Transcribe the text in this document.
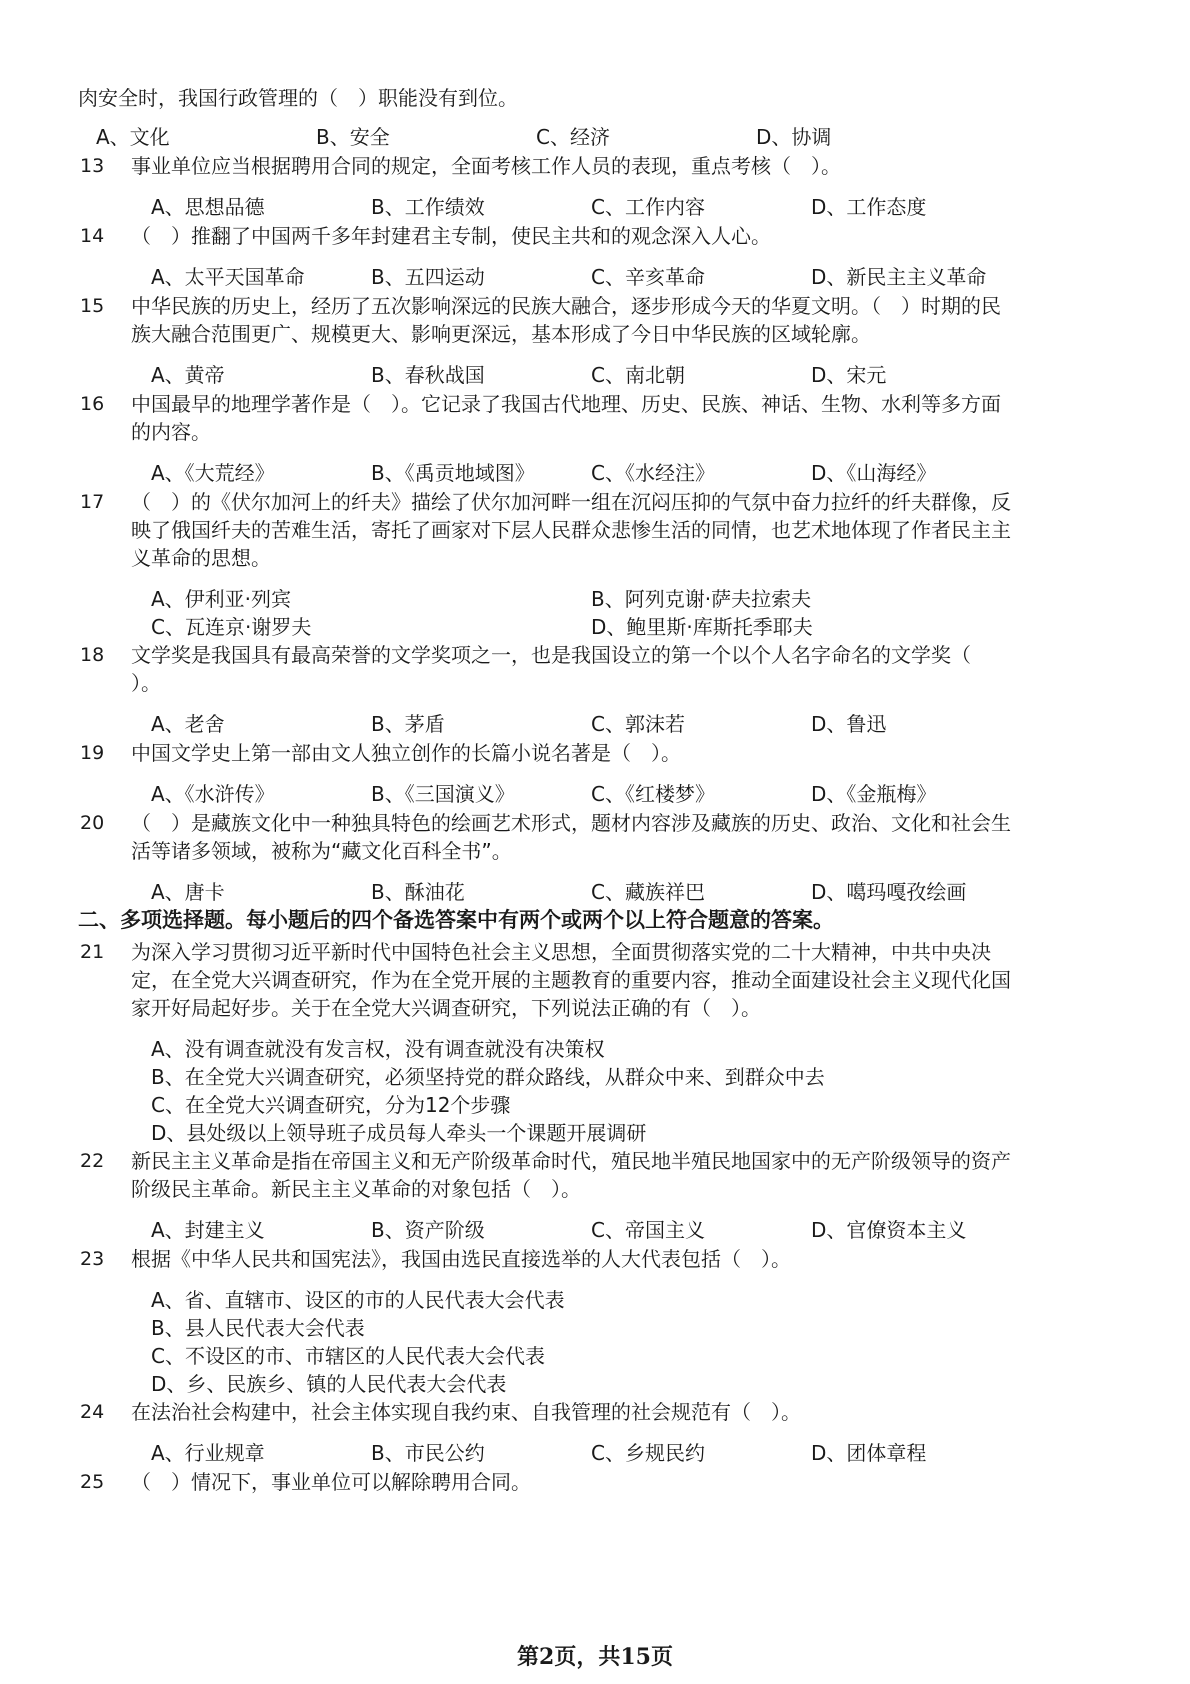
肉安全时，我国行政管理的（　）职能没有到位。
A、文化	B、安全	C、经济	D、协调
13 事业单位应当根据聘用合同的规定，全面考核工作人员的表现，重点考核（　）。
A、思想品德	B、工作绩效	C、工作内容	D、工作态度
14 （　）推翻了中国两千多年封建君主专制，使民主共和的观念深入人心。
A、太平天国革命	B、五四运动	C、辛亥革命	D、新民主主义革命
15 中华民族的历史上，经历了五次影响深远的民族大融合，逐步形成今天的华夏文明。（　）时期的民
族大融合范围更广、规模更大、影响更深远，基本形成了今日中华民族的区域轮廓。
A、黄帝	B、春秋战国	C、南北朝	D、宋元
16 中国最早的地理学著作是（　）。它记录了我国古代地理、历史、民族、神话、生物、水利等多方面
的内容。
A、《大荒经》	B、《禹贡地域图》	C、《水经注》	D、《山海经》
17 （　）的《伏尔加河上的纤夫》描绘了伏尔加河畔一组在沉闷压抑的气氛中奋力拉纤的纤夫群像，反
映了俄国纤夫的苦难生活，寄托了画家对下层人民群众悲惨生活的同情，也艺术地体现了作者民主主
义革命的思想。
A、伊利亚·列宾	B、阿列克谢·萨夫拉索夫
C、瓦连京·谢罗夫	D、鲍里斯·库斯托季耶夫
18 文学奖是我国具有最高荣誉的文学奖项之一，也是我国设立的第一个以个人名字命名的文学奖（
）。
A、老舍	B、茅盾	C、郭沫若	D、鲁迅
19 中国文学史上第一部由文人独立创作的长篇小说名著是（　）。
A、《水浒传》	B、《三国演义》	C、《红楼梦》	D、《金瓶梅》
20 （　）是藏族文化中一种独具特色的绘画艺术形式，题材内容涉及藏族的历史、政治、文化和社会生
活等诸多领域，被称为“藏文化百科全书”。
A、唐卡	B、酥油花	C、藏族祥巴	D、噶玛嘎孜绘画
二、多项选择题。每小题后的四个备选答案中有两个或两个以上符合题意的答案。
21 为深入学习贯彻习近平新时代中国特色社会主义思想，全面贯彻落实党的二十大精神，中共中央决
定，在全党大兴调查研究，作为在全党开展的主题教育的重要内容，推动全面建设社会主义现代化国
家开好局起好步。关于在全党大兴调查研究，下列说法正确的有（　）。
A、没有调查就没有发言权，没有调查就没有决策权
B、在全党大兴调查研究，必须坚持党的群众路线，从群众中来、到群众中去
C、在全党大兴调查研究，分为12个步骤
D、县处级以上领导班子成员每人牵头一个课题开展调研
22 新民主主义革命是指在帝国主义和无产阶级革命时代，殖民地半殖民地国家中的无产阶级领导的资产
阶级民主革命。新民主主义革命的对象包括（　）。
A、封建主义	B、资产阶级	C、帝国主义	D、官僚资本主义
23 根据《中华人民共和国宪法》，我国由选民直接选举的人大代表包括（　）。
A、省、直辖市、设区的市的人民代表大会代表
B、县人民代表大会代表
C、不设区的市、市辖区的人民代表大会代表
D、乡、民族乡、镇的人民代表大会代表
24 在法治社会构建中，社会主体实现自我约束、自我管理的社会规范有（　）。
A、行业规章	B、市民公约	C、乡规民约	D、团体章程
25 （　）情况下，事业单位可以解除聘用合同。
第2页，共15页
